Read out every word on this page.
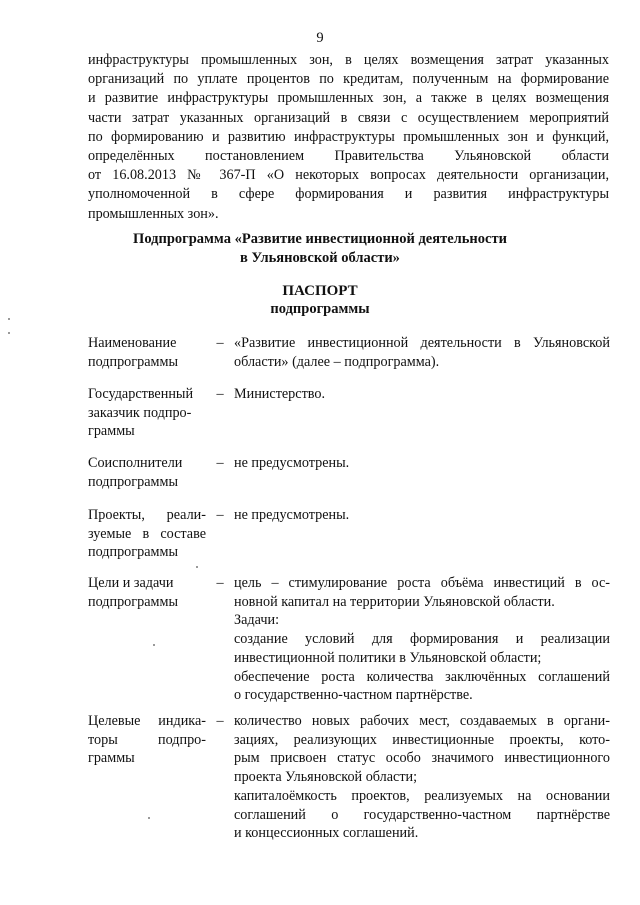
9
инфраструктуры промышленных зон, в целях возмещения затрат указанных
организаций по уплате процентов по кредитам, полученным на формирование
и развитие инфраструктуры промышленных зон, а также в целях возмещения
части затрат указанных организаций в связи с осуществлением мероприятий
по формированию и развитию инфраструктуры промышленных зон и функций,
определённых постановлением Правительства Ульяновской области
от 16.08.2013 № 367-П «О некоторых вопросах деятельности организации,
уполномоченной в сфере формирования и развития инфраструктуры
промышленных зон».
Подпрограмма «Развитие инвестиционной деятельности
в Ульяновской области»
ПАСПОРТ
подпрограммы
Наименование
подпрограммы
– «Развитие инвестиционной деятельности в Ульяновской
области» (далее – подпрограмма).
Государственный
заказчик подпро-
граммы
– Министерство.
Соисполнители
подпрограммы
– не предусмотрены.
Проекты, реали-
зуемые в составе
подпрограммы
– не предусмотрены.
Цели и задачи
подпрограммы
– цель – стимулирование роста объёма инвестиций в ос-
новной капитал на территории Ульяновской области.
Задачи:
создание условий для формирования и реализации
инвестиционной политики в Ульяновской области;
обеспечение роста количества заключённых соглашений
о государственно-частном партнёрстве.
Целевые индика-
торы подпро-
граммы
– количество новых рабочих мест, создаваемых в органи-
зациях, реализующих инвестиционные проекты, кото-
рым присвоен статус особо значимого инвестиционного
проекта Ульяновской области;
капиталоёмкость проектов, реализуемых на основании
соглашений о государственно-частном партнёрстве
и концессионных соглашений.
